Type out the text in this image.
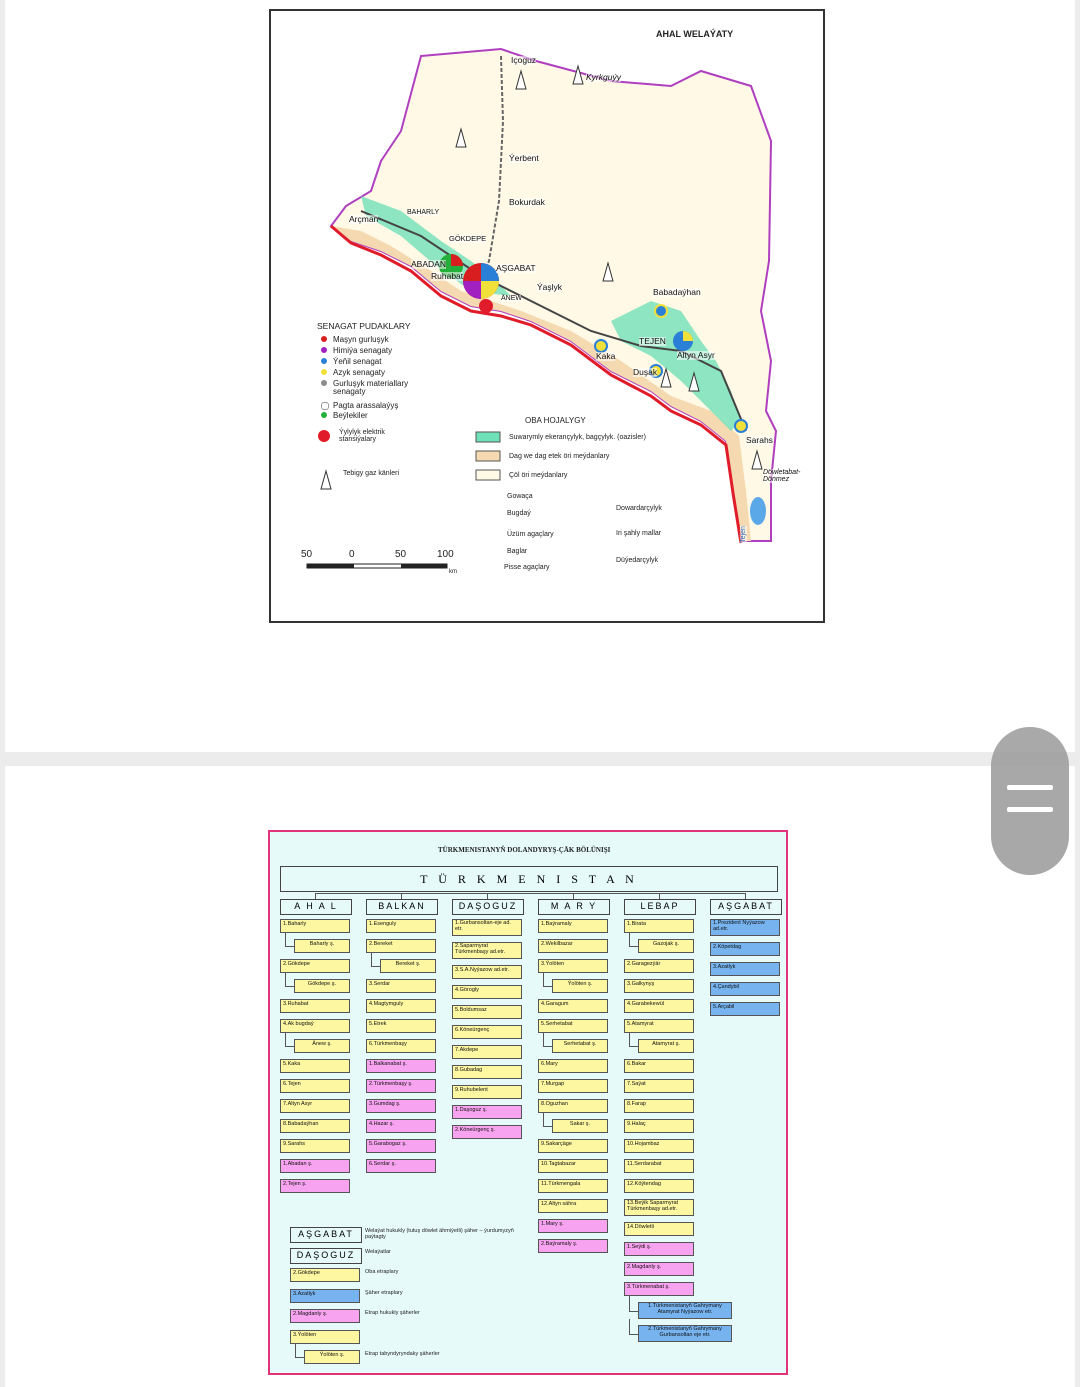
AHAL WELAÝATY
Içoguz
Kyrkguýy
Ýerbent
Bokurdak
Arçman
BAHARLY
GÖKDEPE
ABADAN
Ruhabat
AŞGABAT
ÄNEW
Ýaşlyk	Babadaýhan
TEJEN
Altyn Asyr
Kaka
Duşak
Sarahs
Döwletabat-Dönmez
Tejen
SENAGAT PUDAKLARY
Maşyn gurluşyk
Himiýa senagaty
Ýeňil senagat
Azyk senagaty
Gurluşyk materiallary senagaty
Pagta arassalaýyş
Beýlekiler
Ýylylyk elektrik stansiýalary
Tebigy gaz känleri
OBA HOJALYGY
Suwarymly ekerançylyk, bagçylyk. (oazisler)
Dag we dag etek öri meýdanlary
Çöl öri meýdanlary
Gowaça
Bugdaý
Üzüm agaçlary
Baglar
Pisse agaçlary
Dowardarçylyk
Iri şahly mallar
Düýedarçylyk
50	0	50	100
km
TÜRKMENISTANYŇ DOLANDYRYŞ-ÇÄK BÖLÜNIŞI
T Ü R K M E N I S T A N
A H A L
1.Baharly
Baharly ş.
2.Gökdepe
Gökdepe ş.
3.Ruhabat
4.Ak bugdaý
Änew ş.
5.Kaka
6.Tejen
7.Altyn Asyr
8.Babadaýhan
9.Sarahs
1.Abadan ş.
2.Tejen ş.
BALKAN
1.Esenguly
2.Bereket
Bereket ş.
3.Serdar
4.Magtymguly
5.Etrek
6.Türkmenbaşy
1.Balkanabat ş.
2.Türkmenbaşy ş.
3.Gumdag ş.
4.Hazar ş.
5.Garabogaz ş.
6.Serdar ş.
DAŞOGUZ
1.Gurbansoltan-eje ad. etr.
2.Saparmyrat Türkmenbaşy ad.etr.
3.S.A.Nyýazow ad.etr.
4.Görogly
5.Boldumsaz
6.Köneürgenç
7.Akdepe
8.Gubadag
9.Ruhubelent
1.Daşoguz ş.
2.Köneürgenç ş.
M A R Y
1.Baýramaly
2.Wekilbazar
3.Ýolöten
Ýolöten ş.
4.Garagum
5.Serhetabat
Serhetabat ş.
6.Mary
7.Murgap
8.Oguzhan
Sakar ş.
9.Sakarçäge
10.Tagtabazar
11.Türkmengala
12.Altyn sähra
1.Mary ş.
2.Baýramaly ş.
LEBAP
1.Birata
Gazojak ş.
2.Garagezýär
3.Galkynyş
4.Garabekewül
5.Atamyrat
Atamyrat ş.
6.Bakar
7.Saýat
8.Farap
9.Halaç
10.Hojambaz
11.Serdarabat
12.Köýtendag
13.Beýik Saparmyrat Türkmenbaşy ad.etr.
14.Döwletli
1.Seýdi ş.
2.Magdanly ş.
3.Türkmenabat ş.
1.Türkmenistanyň Gahrymany Atamyrat Nyýazow etr.
2.Türkmenistanyň Gahrymany Gurbansoltan eje etr.
AŞGABAT
1.Prezident Nyýazow ad.etr.
2.Köpetdag
3.Azatlyk
4.Çandybil
5.Arçabil
AŞGABAT	Welaýat hukukly (tutuş döwlet ähmiýetli) şäher – ýurdumyzyň paýtagty
DAŞOGUZ	Welaýatlar
2.Gökdepe	Oba etraplary
3.Azatlyk	Şäher etraplary
2.Magdanly ş.	Etrap hukukly şäherler
3.Ýolöten
Ýolöten ş.	Etrap tabyndyryndaky şäherler
